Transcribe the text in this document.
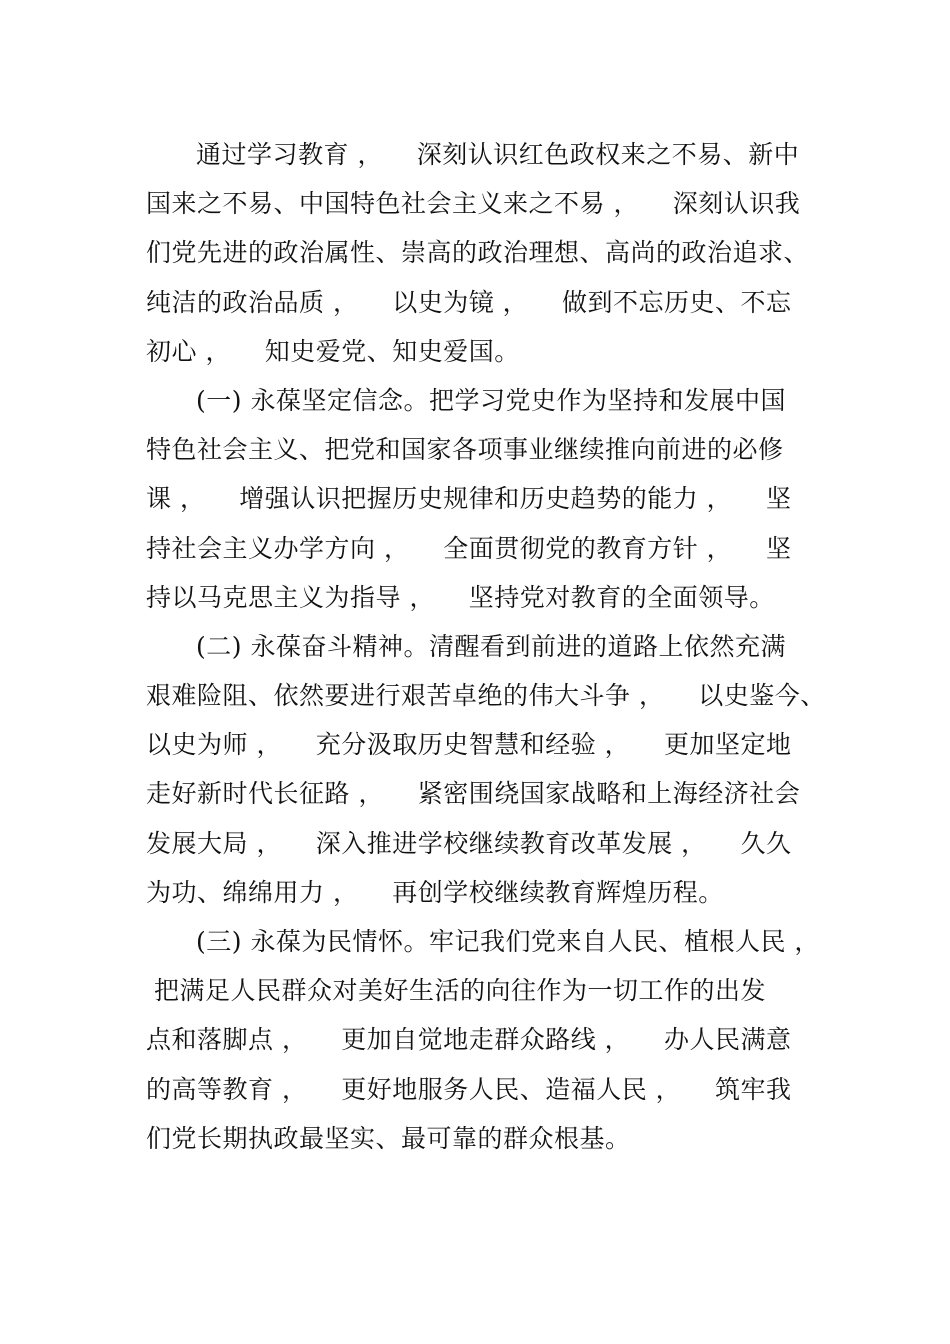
通过学习教育 ，    深刻认识红色政权来之不易、新中
国来之不易、中国特色社会主义来之不易 ，    深刻认识我
们党先进的政治属性、崇高的政治理想、高尚的政治追求、
纯洁的政治品质 ，    以史为镜 ，    做到不忘历史、不忘
初心 ，    知史爱党、知史爱国。
(一) 永葆坚定信念。把学习党史作为坚持和发展中国
特色社会主义、把党和国家各项事业继续推向前进的必修
课 ，    增强认识把握历史规律和历史趋势的能力 ，    坚
持社会主义办学方向 ，    全面贯彻党的教育方针 ，    坚
持以马克思主义为指导 ，    坚持党对教育的全面领导。
(二) 永葆奋斗精神。清醒看到前进的道路上依然充满
艰难险阻、依然要进行艰苦卓绝的伟大斗争 ，    以史鉴今、
以史为师 ，    充分汲取历史智慧和经验 ，    更加坚定地
走好新时代长征路 ，    紧密围绕国家战略和上海经济社会
发展大局 ，    深入推进学校继续教育改革发展 ，    久久
为功、绵绵用力 ，    再创学校继续教育辉煌历程。
(三) 永葆为民情怀。牢记我们党来自人民、植根人民 ，
把满足人民群众对美好生活的向往作为一切工作的出发
点和落脚点 ，    更加自觉地走群众路线 ，    办人民满意
的高等教育 ，    更好地服务人民、造福人民 ，    筑牢我
们党长期执政最坚实、最可靠的群众根基。
